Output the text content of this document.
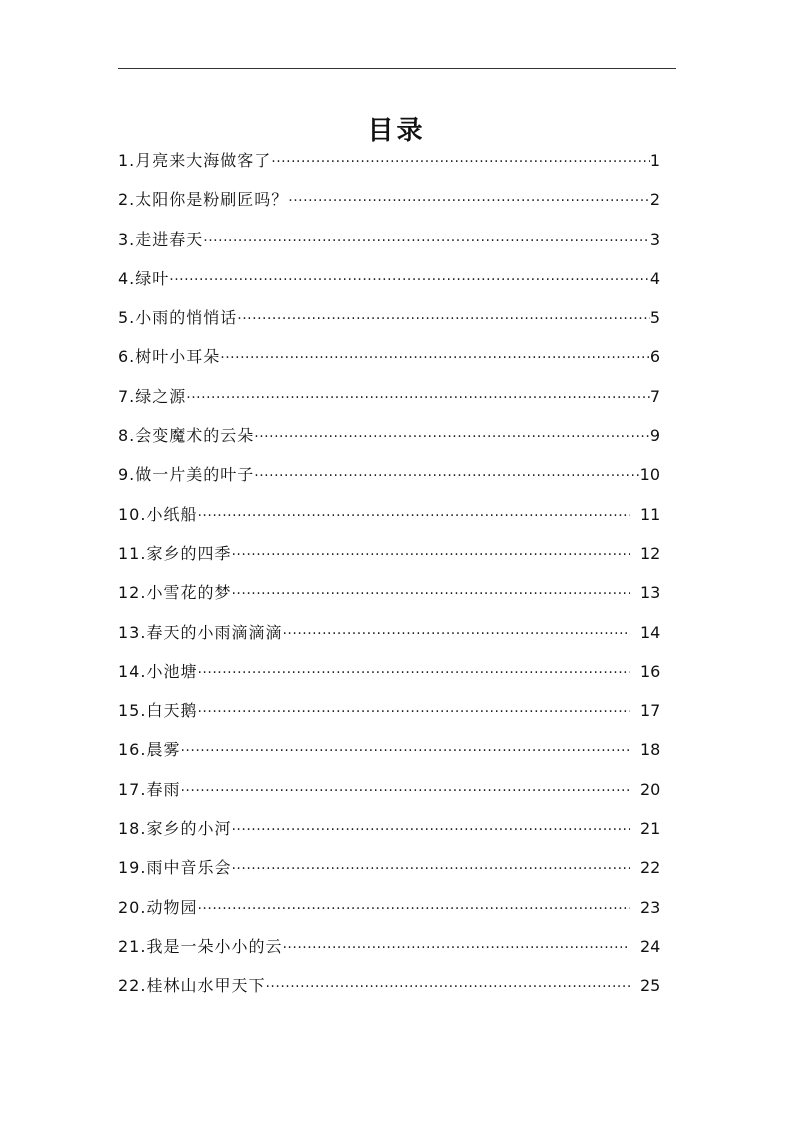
目录
1.月亮来大海做客了 ·····	1
2.太阳你是粉刷匠吗？ ·····	2
3.走进春天 ·····	3
4.绿叶 ·····	4
5.小雨的悄悄话 ·····	5
6.树叶小耳朵 ·····	6
7.绿之源 ·····	7
8.会变魔术的云朵 ·····	9
9.做一片美的叶子 ·····	10
10.小纸船 ·····	11
11.家乡的四季 ·····	12
12.小雪花的梦 ·····	13
13.春天的小雨滴滴滴 ·····	14
14.小池塘 ·····	16
15.白天鹅 ·····	17
16.晨雾 ·····	18
17.春雨 ·····	20
18.家乡的小河 ·····	21
19.雨中音乐会 ·····	22
20.动物园 ·····	23
21.我是一朵小小的云 ·····	24
22.桂林山水甲天下 ·····	25
